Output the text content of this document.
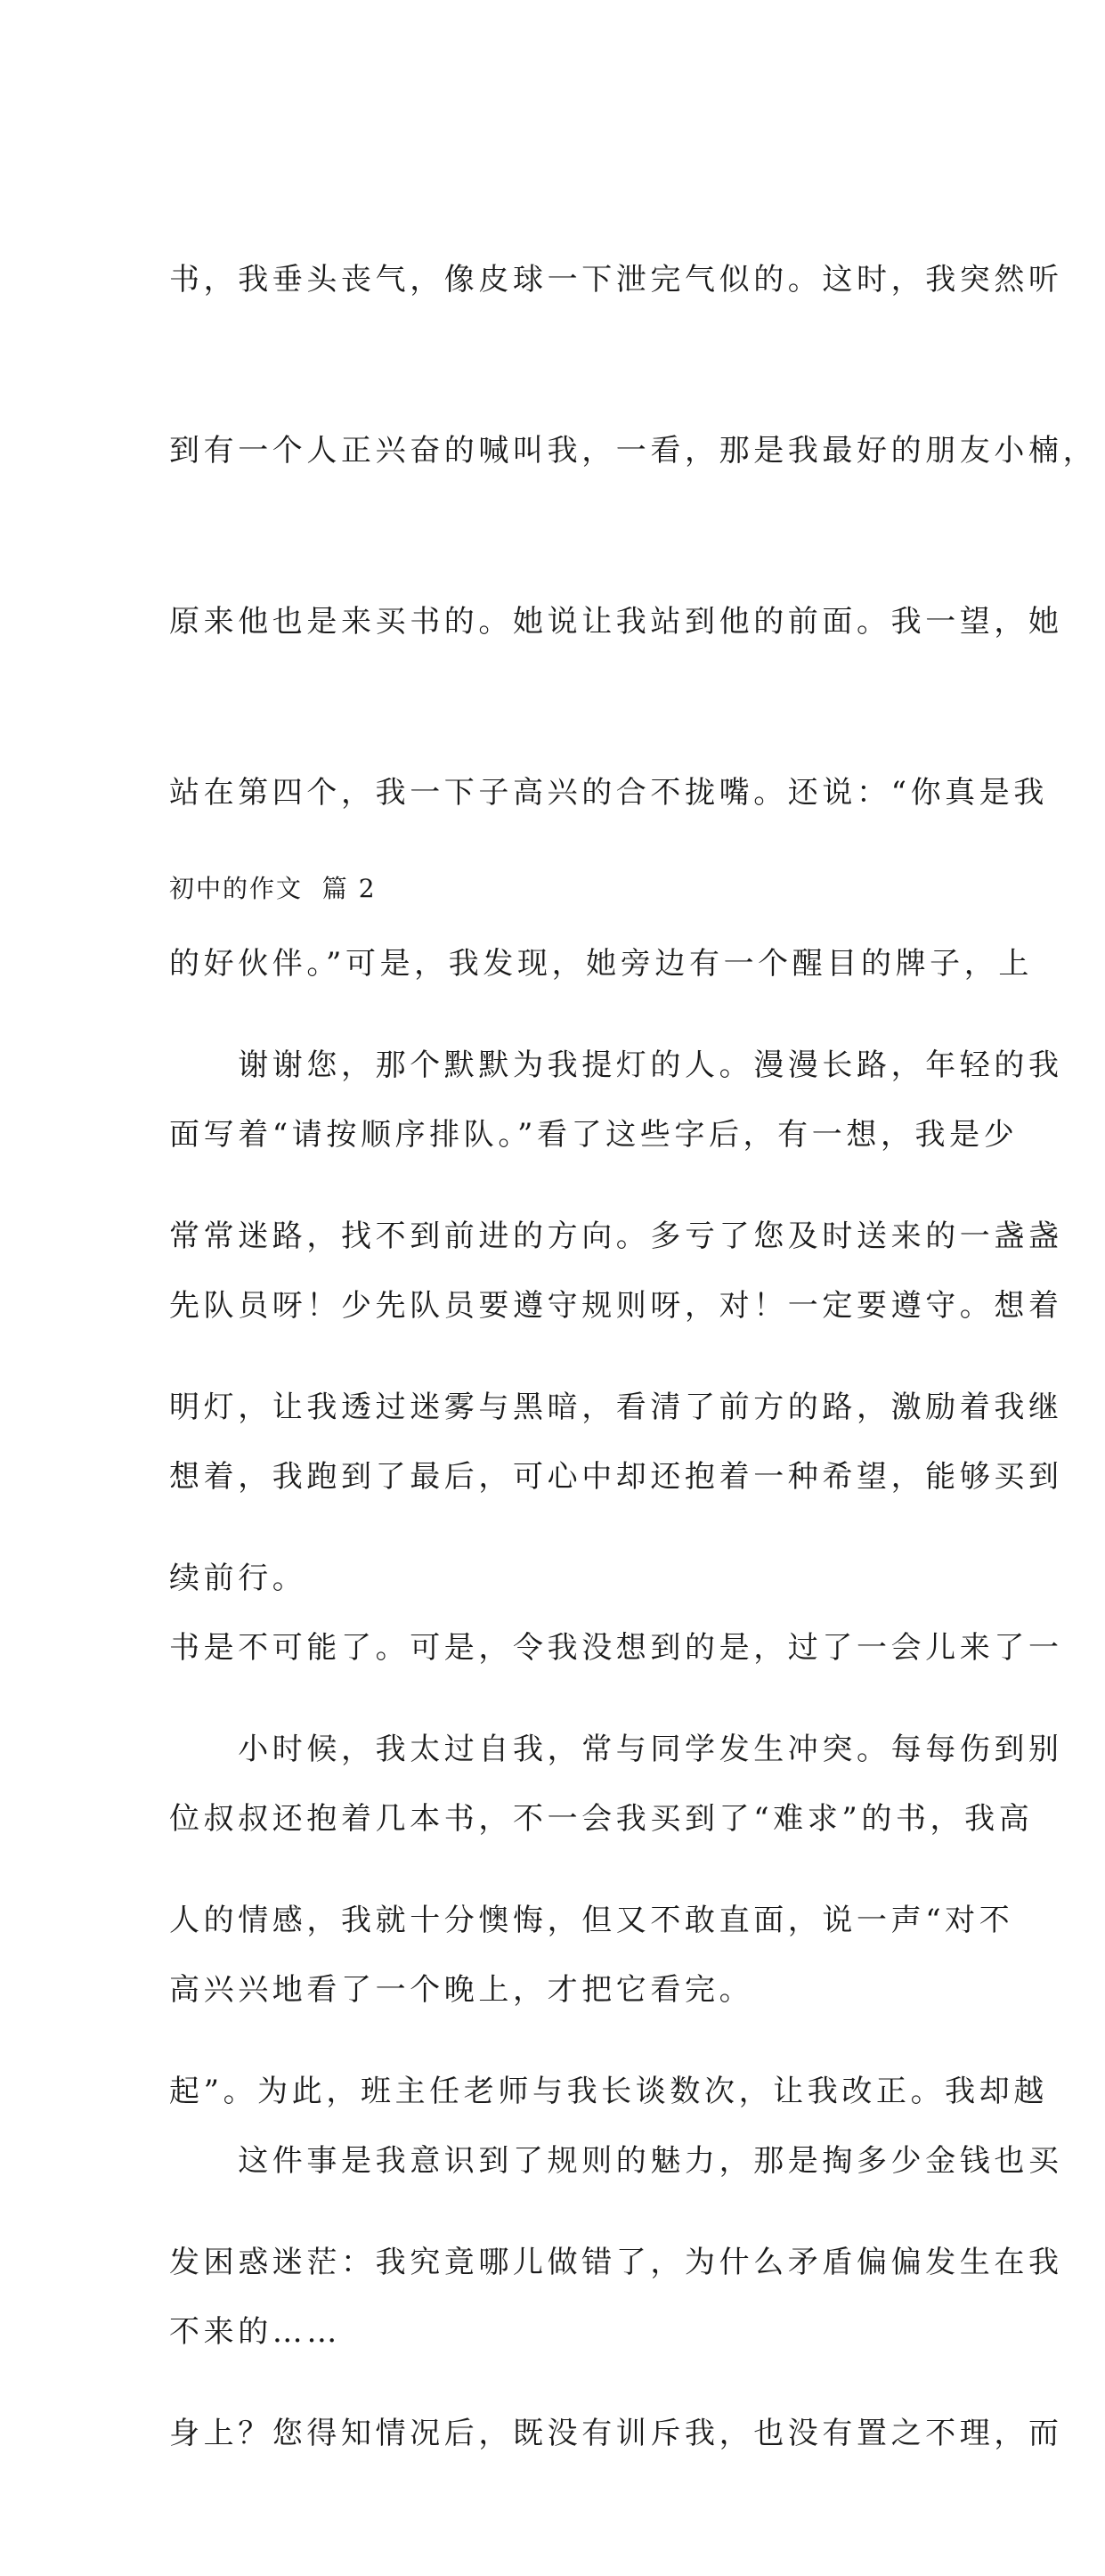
书，我垂头丧气，像皮球一下泄完气似的。这时，我突然听

到有一个人正兴奋的喊叫我，一看，那是我最好的朋友小楠，

原来他也是来买书的。她说让我站到他的前面。我一望，她

站在第四个，我一下子高兴的合不拢嘴。还说：“你真是我

的好伙伴。”可是，我发现，她旁边有一个醒目的牌子，上

面写着“请按顺序排队。”看了这些字后，有一想，我是少

先队员呀！少先队员要遵守规则呀，对！一定要遵守。想着

想着，我跑到了最后，可心中却还抱着一种希望，能够买到

书是不可能了。可是，令我没想到的是，过了一会儿来了一

位叔叔还抱着几本书，不一会我买到了“难求”的书，我高

高兴兴地看了一个晚上，才把它看完。

　　这件事是我意识到了规则的魅力，那是掏多少金钱也买

不来的……

初中的作文  篇 2

　　谢谢您，那个默默为我提灯的人。漫漫长路，年轻的我

常常迷路，找不到前进的方向。多亏了您及时送来的一盏盏

明灯，让我透过迷雾与黑暗，看清了前方的路，激励着我继

续前行。

　　小时候，我太过自我，常与同学发生冲突。每每伤到别

人的情感，我就十分懊悔，但又不敢直面，说一声“对不

起”。为此，班主任老师与我长谈数次，让我改正。我却越

发困惑迷茫：我究竟哪儿做错了，为什么矛盾偏偏发生在我

身上？您得知情况后，既没有训斥我，也没有置之不理，而
